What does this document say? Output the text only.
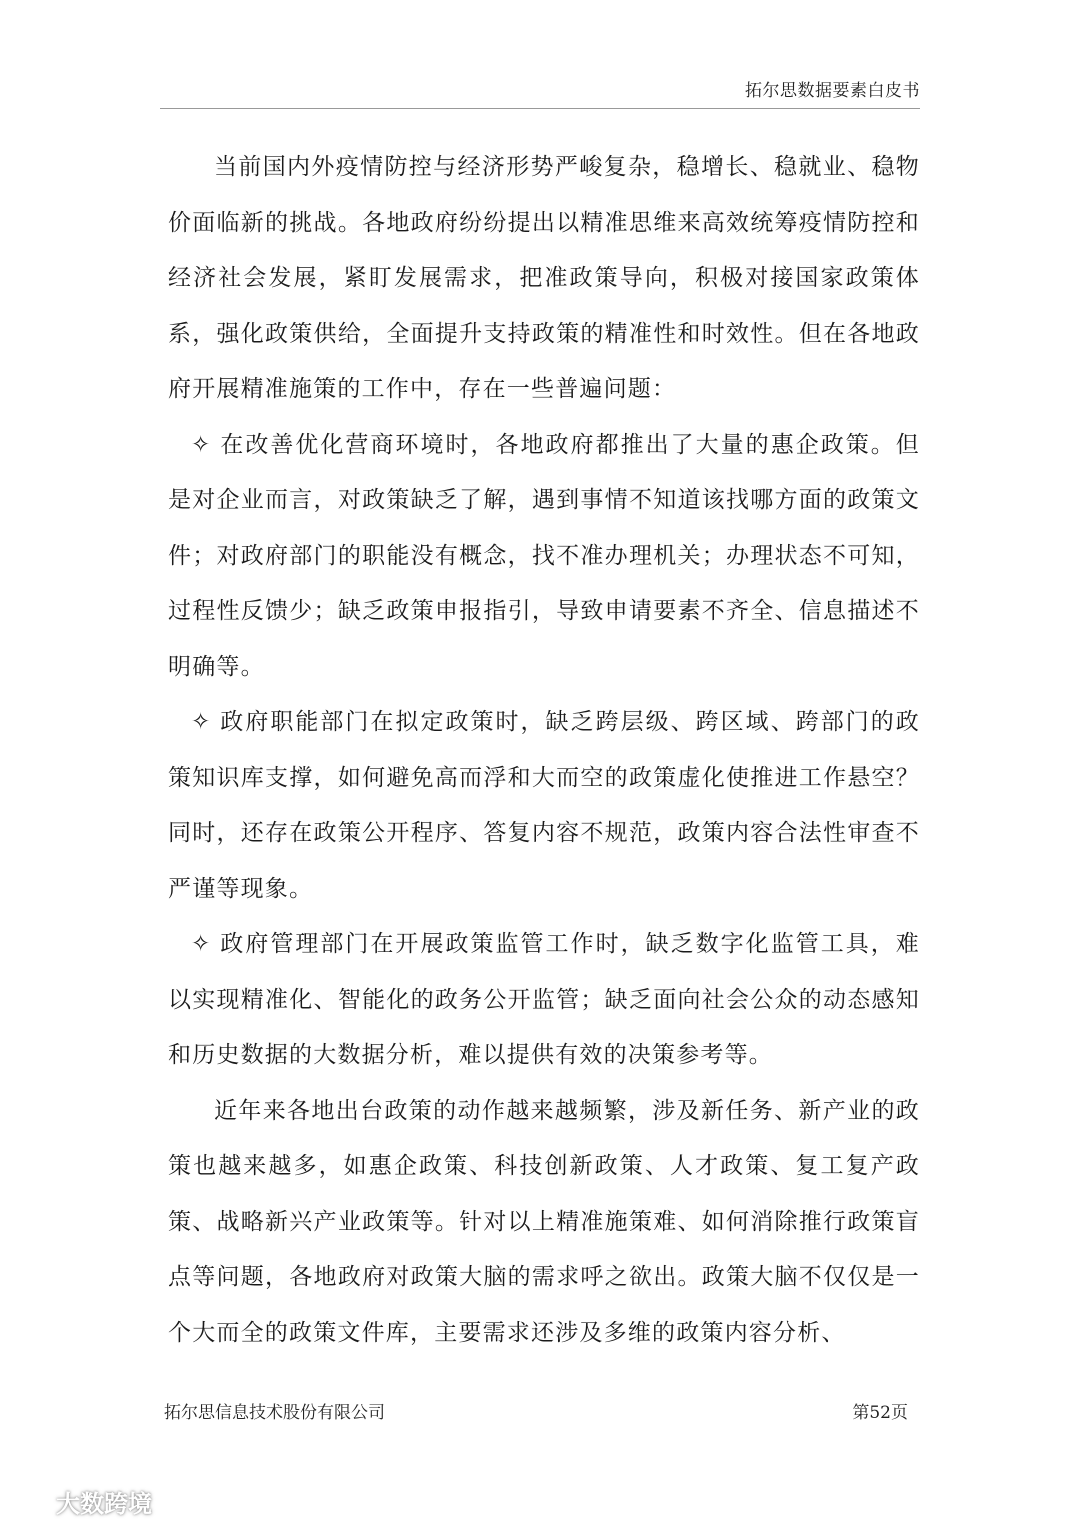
拓尔思数据要素白皮书

当前国内外疫情防控与经济形势严峻复杂，稳增长、稳就业、稳物价面临新的挑战。各地政府纷纷提出以精准思维来高效统筹疫情防控和经济社会发展，紧盯发展需求，把准政策导向，积极对接国家政策体系，强化政策供给，全面提升支持政策的精准性和时效性。但在各地政府开展精准施策的工作中，存在一些普遍问题：

✧ 在改善优化营商环境时，各地政府都推出了大量的惠企政策。但是对企业而言，对政策缺乏了解，遇到事情不知道该找哪方面的政策文件；对政府部门的职能没有概念，找不准办理机关；办理状态不可知，过程性反馈少；缺乏政策申报指引，导致申请要素不齐全、信息描述不明确等。

✧ 政府职能部门在拟定政策时，缺乏跨层级、跨区域、跨部门的政策知识库支撑，如何避免高而浮和大而空的政策虚化使推进工作悬空？同时，还存在政策公开程序、答复内容不规范，政策内容合法性审查不严谨等现象。

✧ 政府管理部门在开展政策监管工作时，缺乏数字化监管工具，难以实现精准化、智能化的政务公开监管；缺乏面向社会公众的动态感知和历史数据的大数据分析，难以提供有效的决策参考等。

近年来各地出台政策的动作越来越频繁，涉及新任务、新产业的政策也越来越多，如惠企政策、科技创新政策、人才政策、复工复产政策、战略新兴产业政策等。针对以上精准施策难、如何消除推行政策盲点等问题，各地政府对政策大脑的需求呼之欲出。政策大脑不仅仅是一个大而全的政策文件库，主要需求还涉及多维的政策内容分析、

拓尔思信息技术股份有限公司	第52页
大数跨境
